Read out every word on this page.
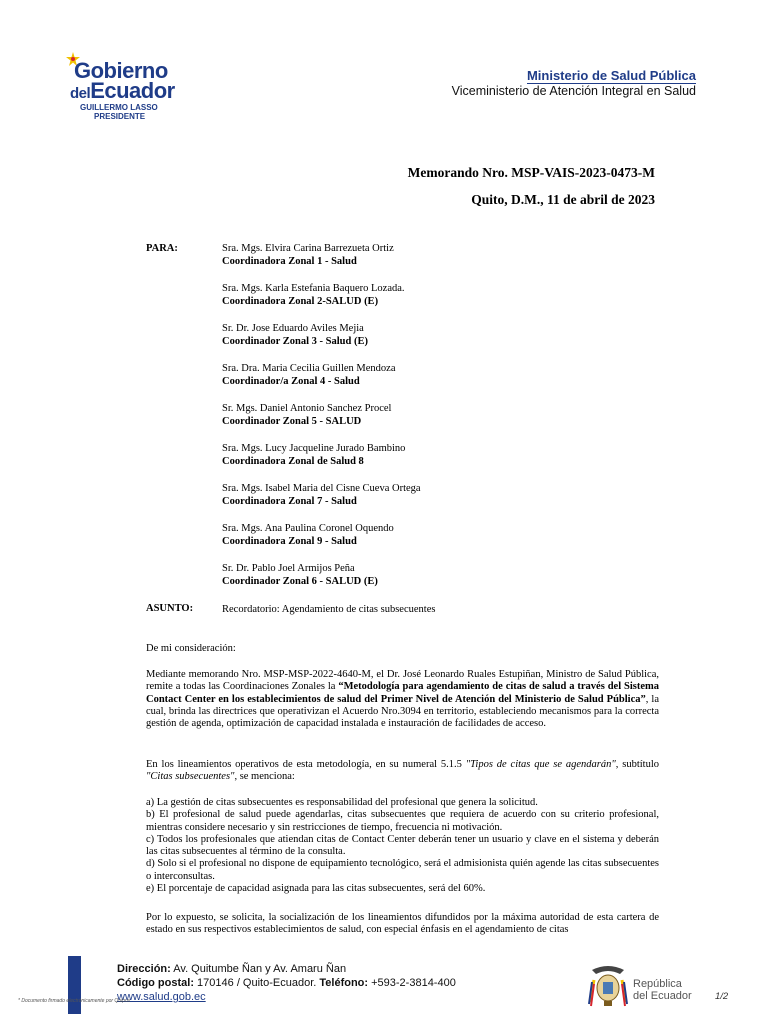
Gobierno
delEcuador
GUILLERMO LASSO
PRESIDENTE
Ministerio de Salud Pública
Viceministerio de Atención Integral en Salud
Memorando Nro. MSP-VAIS-2023-0473-M
Quito, D.M., 11 de abril de 2023
PARA:	Sra. Mgs. Elvira Carina Barrezueta Ortiz
Coordinadora Zonal 1 - Salud
Sra. Mgs. Karla Estefania Baquero Lozada.
Coordinadora Zonal 2-SALUD (E)
Sr. Dr. Jose Eduardo Aviles Mejia
Coordinador Zonal 3 - Salud (E)
Sra. Dra. Maria Cecilia Guillen Mendoza
Coordinador/a Zonal 4 - Salud
Sr. Mgs. Daniel Antonio Sanchez Procel
Coordinador Zonal 5 - SALUD
Sra. Mgs. Lucy Jacqueline Jurado Bambino
Coordinadora Zonal de Salud 8
Sra. Mgs. Isabel Maria del Cisne Cueva Ortega
Coordinadora Zonal 7 - Salud
Sra. Mgs. Ana Paulina Coronel Oquendo
Coordinadora Zonal 9 - Salud
Sr. Dr. Pablo Joel Armijos Peña
Coordinador Zonal 6 - SALUD (E)
ASUNTO:	Recordatorio: Agendamiento de citas subsecuentes
De mi consideración:

Mediante memorando Nro. MSP-MSP-2022-4640-M, el Dr. José Leonardo Ruales Estupiñan, Ministro de Salud Pública, remite a todas las Coordinaciones Zonales la “Metodología para agendamiento de citas de salud a través del Sistema Contact Center en los establecimientos de salud del Primer Nivel de Atención del Ministerio de Salud Pública”, la cual, brinda las directrices que operativizan el Acuerdo Nro.3094 en territorio, estableciendo mecanismos para la correcta gestión de agenda, optimización de capacidad instalada e instauración de facilidades de acceso.

En los lineamientos operativos de esta metodología, en su numeral 5.1.5 "Tipos de citas que se agendarán", subtítulo "Citas subsecuentes", se menciona:

a) La gestión de citas subsecuentes es responsabilidad del profesional que genera la solicitud.

b) El profesional de salud puede agendarlas, citas subsecuentes que requiera de acuerdo con su criterio profesional, mientras considere necesario y sin restricciones de tiempo, frecuencia ni motivación.

c) Todos los profesionales que atiendan citas de Contact Center deberán tener un usuario y clave en el sistema y deberán las citas subsecuentes al término de la consulta.

d) Solo si el profesional no dispone de equipamiento tecnológico, será el admisionista quién agende las citas subsecuentes o interconsultas.

e) El porcentaje de capacidad asignada para las citas subsecuentes, será del 60%.

Por lo expuesto, se solicita, la socialización de los lineamientos difundidos por la máxima autoridad de esta cartera de estado en sus respectivos establecimientos de salud, con especial énfasis en el agendamiento de citas
Dirección: Av. Quitumbe Ñan y Av. Amaru Ñan
Código postal: 170146 / Quito-Ecuador. Teléfono: +593-2-3814-400
www.salud.gob.ec
* Documento firmado electrónicamente por Quipux
República
del Ecuador 1/2
